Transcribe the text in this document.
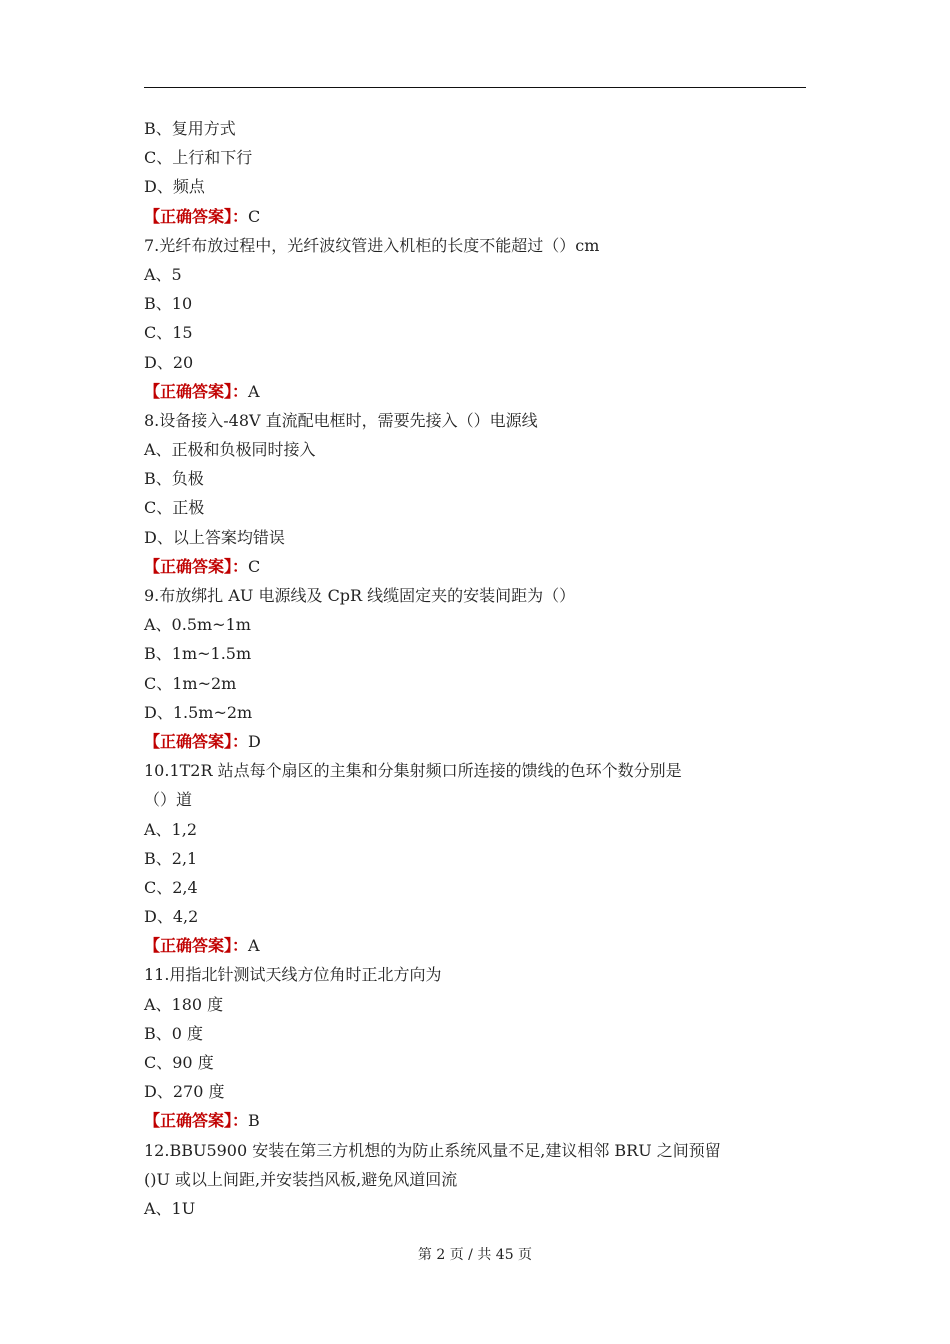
B、复用方式
C、上行和下行
D、频点
【正确答案】：C
7.光纤布放过程中，光纤波纹管进入机柜的长度不能超过（）cm
A、5
B、10
C、15
D、20
【正确答案】：A
8.设备接入-48V 直流配电框时，需要先接入（）电源线
A、正极和负极同时接入
B、负极
C、正极
D、以上答案均错误
【正确答案】：C
9.布放绑扎 AU 电源线及 CpR 线缆固定夹的安装间距为（）
A、0.5m~1m
B、1m~1.5m
C、1m~2m
D、1.5m~2m
【正确答案】：D
10.1T2R 站点每个扇区的主集和分集射频口所连接的馈线的色环个数分别是
（）道
A、1,2
B、2,1
C、2,4
D、4,2
【正确答案】：A
11.用指北针测试天线方位角时正北方向为
A、180 度
B、0 度
C、90 度
D、270 度
【正确答案】：B
12.BBU5900 安装在第三方机想的为防止系统风量不足,建议相邻 BRU 之间预留
()U 或以上间距,并安装挡风板,避免风道回流
A、1U
第 2 页 / 共 45 页
